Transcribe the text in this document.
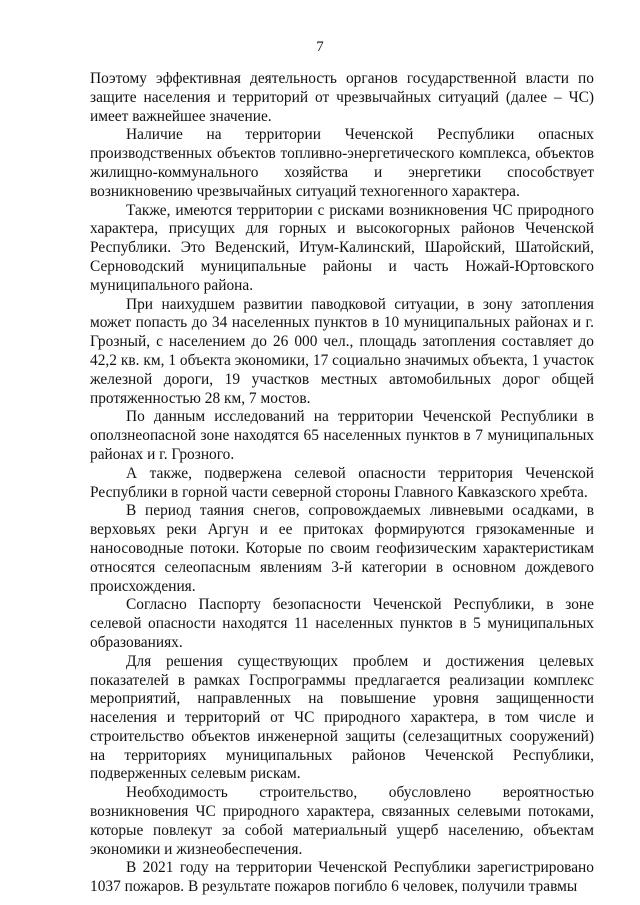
7

Поэтому эффективная деятельность органов государственной власти по защите населения и территорий от чрезвычайных ситуаций (далее – ЧС) имеет важнейшее значение.

Наличие на территории Чеченской Республики опасных производственных объектов топливно-энергетического комплекса, объектов жилищно-коммунального хозяйства и энергетики способствует возникновению чрезвычайных ситуаций техногенного характера.

Также, имеются территории с рисками возникновения ЧС природного характера, присущих для горных и высокогорных районов Чеченской Республики. Это Веденский, Итум-Калинский, Шаройский, Шатойский, Серноводский муниципальные районы и часть Ножай-Юртовского муниципального района.

При наихудшем развитии паводковой ситуации, в зону затопления может попасть до 34 населенных пунктов в 10 муниципальных районах и г. Грозный, с населением до 26 000 чел., площадь затопления составляет до 42,2 кв. км, 1 объекта экономики, 17 социально значимых объекта, 1 участок железной дороги, 19 участков местных автомобильных дорог общей протяженностью 28 км, 7 мостов.

По данным исследований на территории Чеченской Республики в оползнеопасной зоне находятся 65 населенных пунктов в 7 муниципальных районах и г. Грозного.

А также, подвержена селевой опасности территория Чеченской Республики в горной части северной стороны Главного Кавказского хребта.

В период таяния снегов, сопровождаемых ливневыми осадками, в верховьях реки Аргун и ее притоках формируются грязокаменные и наносоводные потоки. Которые по своим геофизическим характеристикам относятся селеопасным явлениям 3-й категории в основном дождевого происхождения.

Согласно Паспорту безопасности Чеченской Республики, в зоне селевой опасности находятся 11 населенных пунктов в 5 муниципальных образованиях.

Для решения существующих проблем и достижения целевых показателей в рамках Госпрограммы предлагается реализации комплекс мероприятий, направленных на повышение уровня защищенности населения и территорий от ЧС природного характера, в том числе и строительство объектов инженерной защиты (селезащитных сооружений) на территориях муниципальных районов Чеченской Республики, подверженных селевым рискам.

Необходимость строительство, обусловлено вероятностью возникновения ЧС природного характера, связанных селевыми потоками, которые повлекут за собой материальный ущерб населению, объектам экономики и жизнеобеспечения.

В 2021 году на территории Чеченской Республики зарегистрировано 1037 пожаров. В результате пожаров погибло 6 человек, получили травмы
